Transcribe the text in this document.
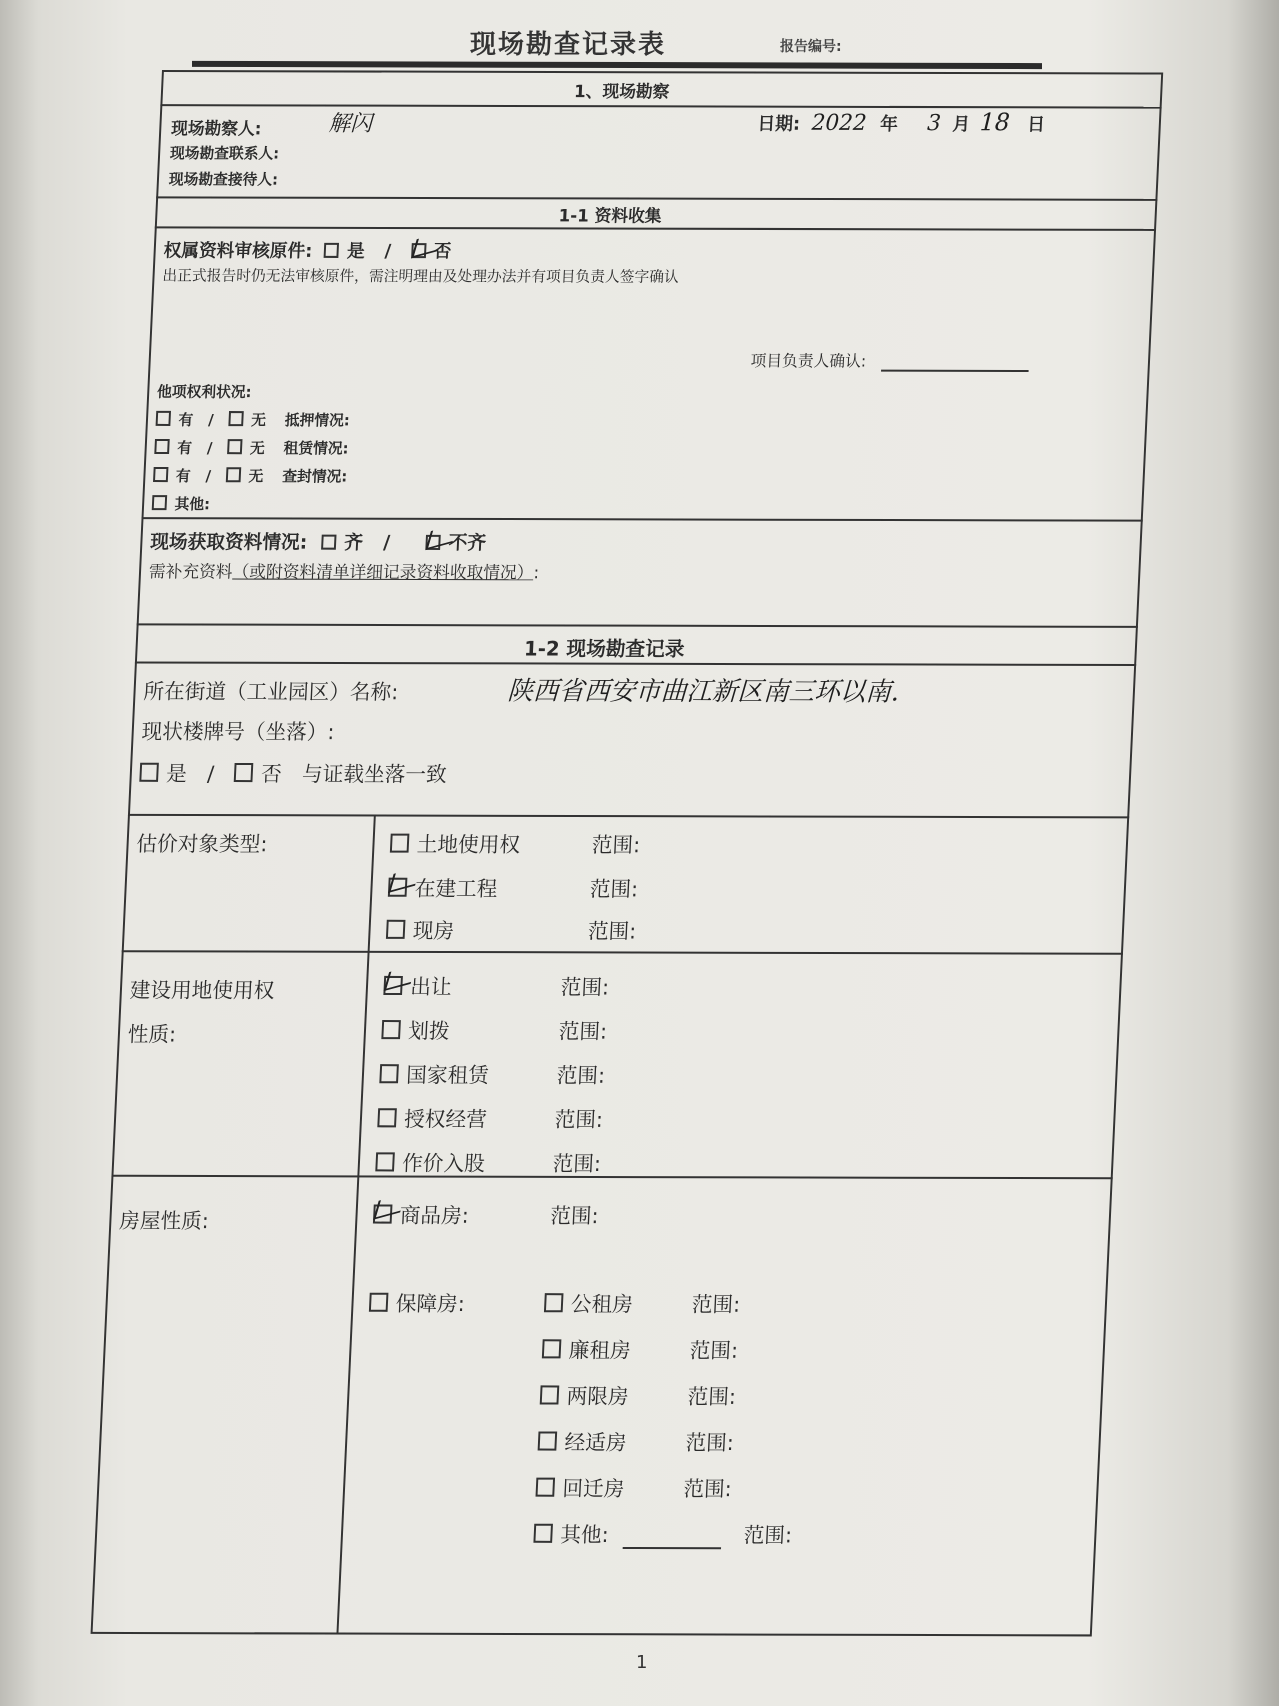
现场勘查记录表	报告编号:
1、现场勘察
现场勘察人:	解闪
现场勘查联系人:
现场勘查接待人:
日期: 2022 年 3 月 18 日
1-1 资料收集
权属资料审核原件: 是 / 否
出正式报告时仍无法审核原件，需注明理由及处理办法并有项目负责人签字确认
项目负责人确认:
他项权利状况:
有 / 无 抵押情况:
有 / 无 租赁情况:
有 / 无 查封情况:
其他:
现场获取资料情况: 齐 /	不齐
需补充资料（或附资料清单详细记录资料收取情况）:
1-2 现场勘查记录
所在街道（工业园区）名称:	陕西省西安市曲江新区南三环以南.
现状楼牌号（坐落）:
是 / 否 与证载坐落一致
估价对象类型:	土地使用权	范围:
在建工程	范围:
现房	范围:
建设用地使用权
性质:
出让	范围:
划拨	范围:
国家租赁	范围:
授权经营	范围:
作价入股	范围:
房屋性质:	商品房:	范围:
保障房:	公租房	范围:
廉租房	范围:
两限房	范围:
经适房	范围:
回迁房	范围:
其他:	范围:
1
